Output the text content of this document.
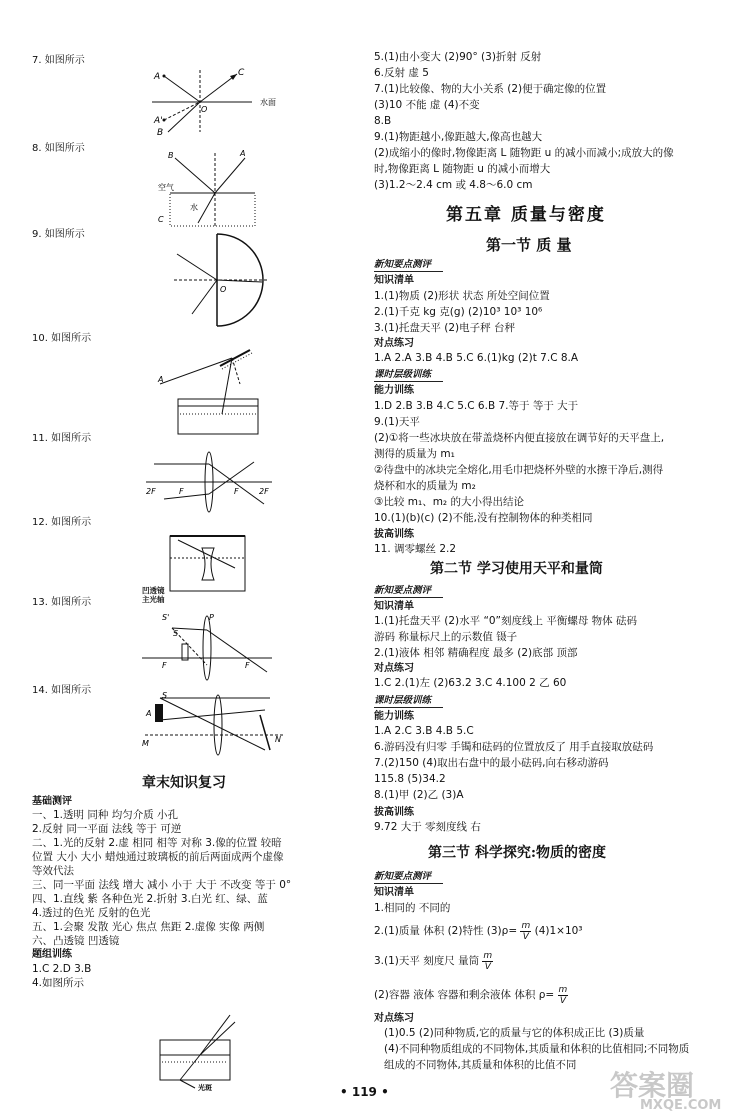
7. 如图所示
A	C
O
A'
B
水面
8. 如图所示
B	A
空气
水
C
9. 如图所示
O
10. 如图所示
A
11. 如图所示
2F	F	F	2F
12. 如图所示
凹透镜
主光轴
13. 如图所示
S'
S
P
F	F
14. 如图所示	S
A
M	N
章末知识复习
基础测评
一、1.透明 同种 均匀介质 小孔
2.反射 同一平面 法线 等于 可逆
二、1.光的反射 2.虚 相同 相等 对称 3.像的位置 较暗
位置 大小 大小 蜡烛通过玻璃板的前后两面成两个虚像
等效代法
三、同一平面 法线 增大 减小 小于 大于 不改变 等于 0°
四、1.直线 紫 各种色光 2.折射 3.白光 红、绿、蓝
4.透过的色光 反射的色光
五、1.会聚 发散 光心 焦点 焦距 2.虚像 实像 两侧
六、凸透镜 凹透镜
题组训练
1.C 2.D 3.B
4.如图所示
光斑
5.(1)由小变大 (2)90° (3)折射 反射
6.反射 虚 5
7.(1)比较像、物的大小关系 (2)便于确定像的位置
(3)10 不能 虚 (4)不变
8.B
9.(1)物距越小,像距越大,像高也越大
(2)成缩小的像时,物像距离 L 随物距 u 的减小而减小;成放大的像
时,物像距离 L 随物距 u 的减小而增大
(3)1.2～2.4 cm 或 4.8～6.0 cm
第五章 质量与密度
第一节 质 量
新知要点测评
知识清单
1.(1)物质 (2)形状 状态 所处空间位置
2.(1)千克 kg 克(g) (2)10³ 10³ 10⁶
3.(1)托盘天平 (2)电子秤 台秤
对点练习
1.A 2.A 3.B 4.B 5.C 6.(1)kg (2)t 7.C 8.A
课时层级训练
能力训练
1.D 2.B 3.B 4.C 5.C 6.B 7.等于 等于 大于
9.(1)天平
(2)①将一些冰块放在带盖烧杯内便直接放在调节好的天平盘上,
测得的质量为 m₁
②待盘中的冰块完全熔化,用毛巾把烧杯外壁的水擦干净后,测得
烧杯和水的质量为 m₂
③比较 m₁、m₂ 的大小得出结论
10.(1)(b)(c) (2)不能,没有控制物体的种类相同
拔高训练
11. 调零螺丝 2.2
第二节 学习使用天平和量筒
新知要点测评
知识清单
1.(1)托盘天平 (2)水平 “0”刻度线上 平衡螺母 物体 砝码
游码 称量标尺上的示数值 镊子
2.(1)液体 相邻 精确程度 最多 (2)底部 顶部
对点练习
1.C 2.(1)左 (2)63.2 3.C 4.100 2 乙 60
课时层级训练
能力训练
1.A 2.C 3.B 4.B 5.C
6.游码没有归零 手镯和砝码的位置放反了 用手直接取放砝码
7.(2)150 (4)取出右盘中的最小砝码,向右移动游码
115.8 (5)34.2
8.(1)甲 (2)乙 (3)A
拔高训练
9.72 大于 零刻度线 右
第三节 科学探究:物质的密度
新知要点测评
知识清单
1.相同的 不同的
2.(1)质量 体积 (2)特性 $(3)\rho= \frac{m}{V} (4)1\times 10^3$
3.(1)天平 刻度尺 量筒 $\frac{m}{V}$
(2)容器 液体 容器和剩余液体 体积 $\rho= \frac{m}{V}$
对点练习
(1)0.5 (2)同种物质,它的质量与它的体积成正比 (3)质量
(4)不同种物质组成的不同物体,其质量和体积的比值相同;不同物质
组成的不同物体,其质量和体积的比值不同
• 119 •	答案圈
MXQE.COM
